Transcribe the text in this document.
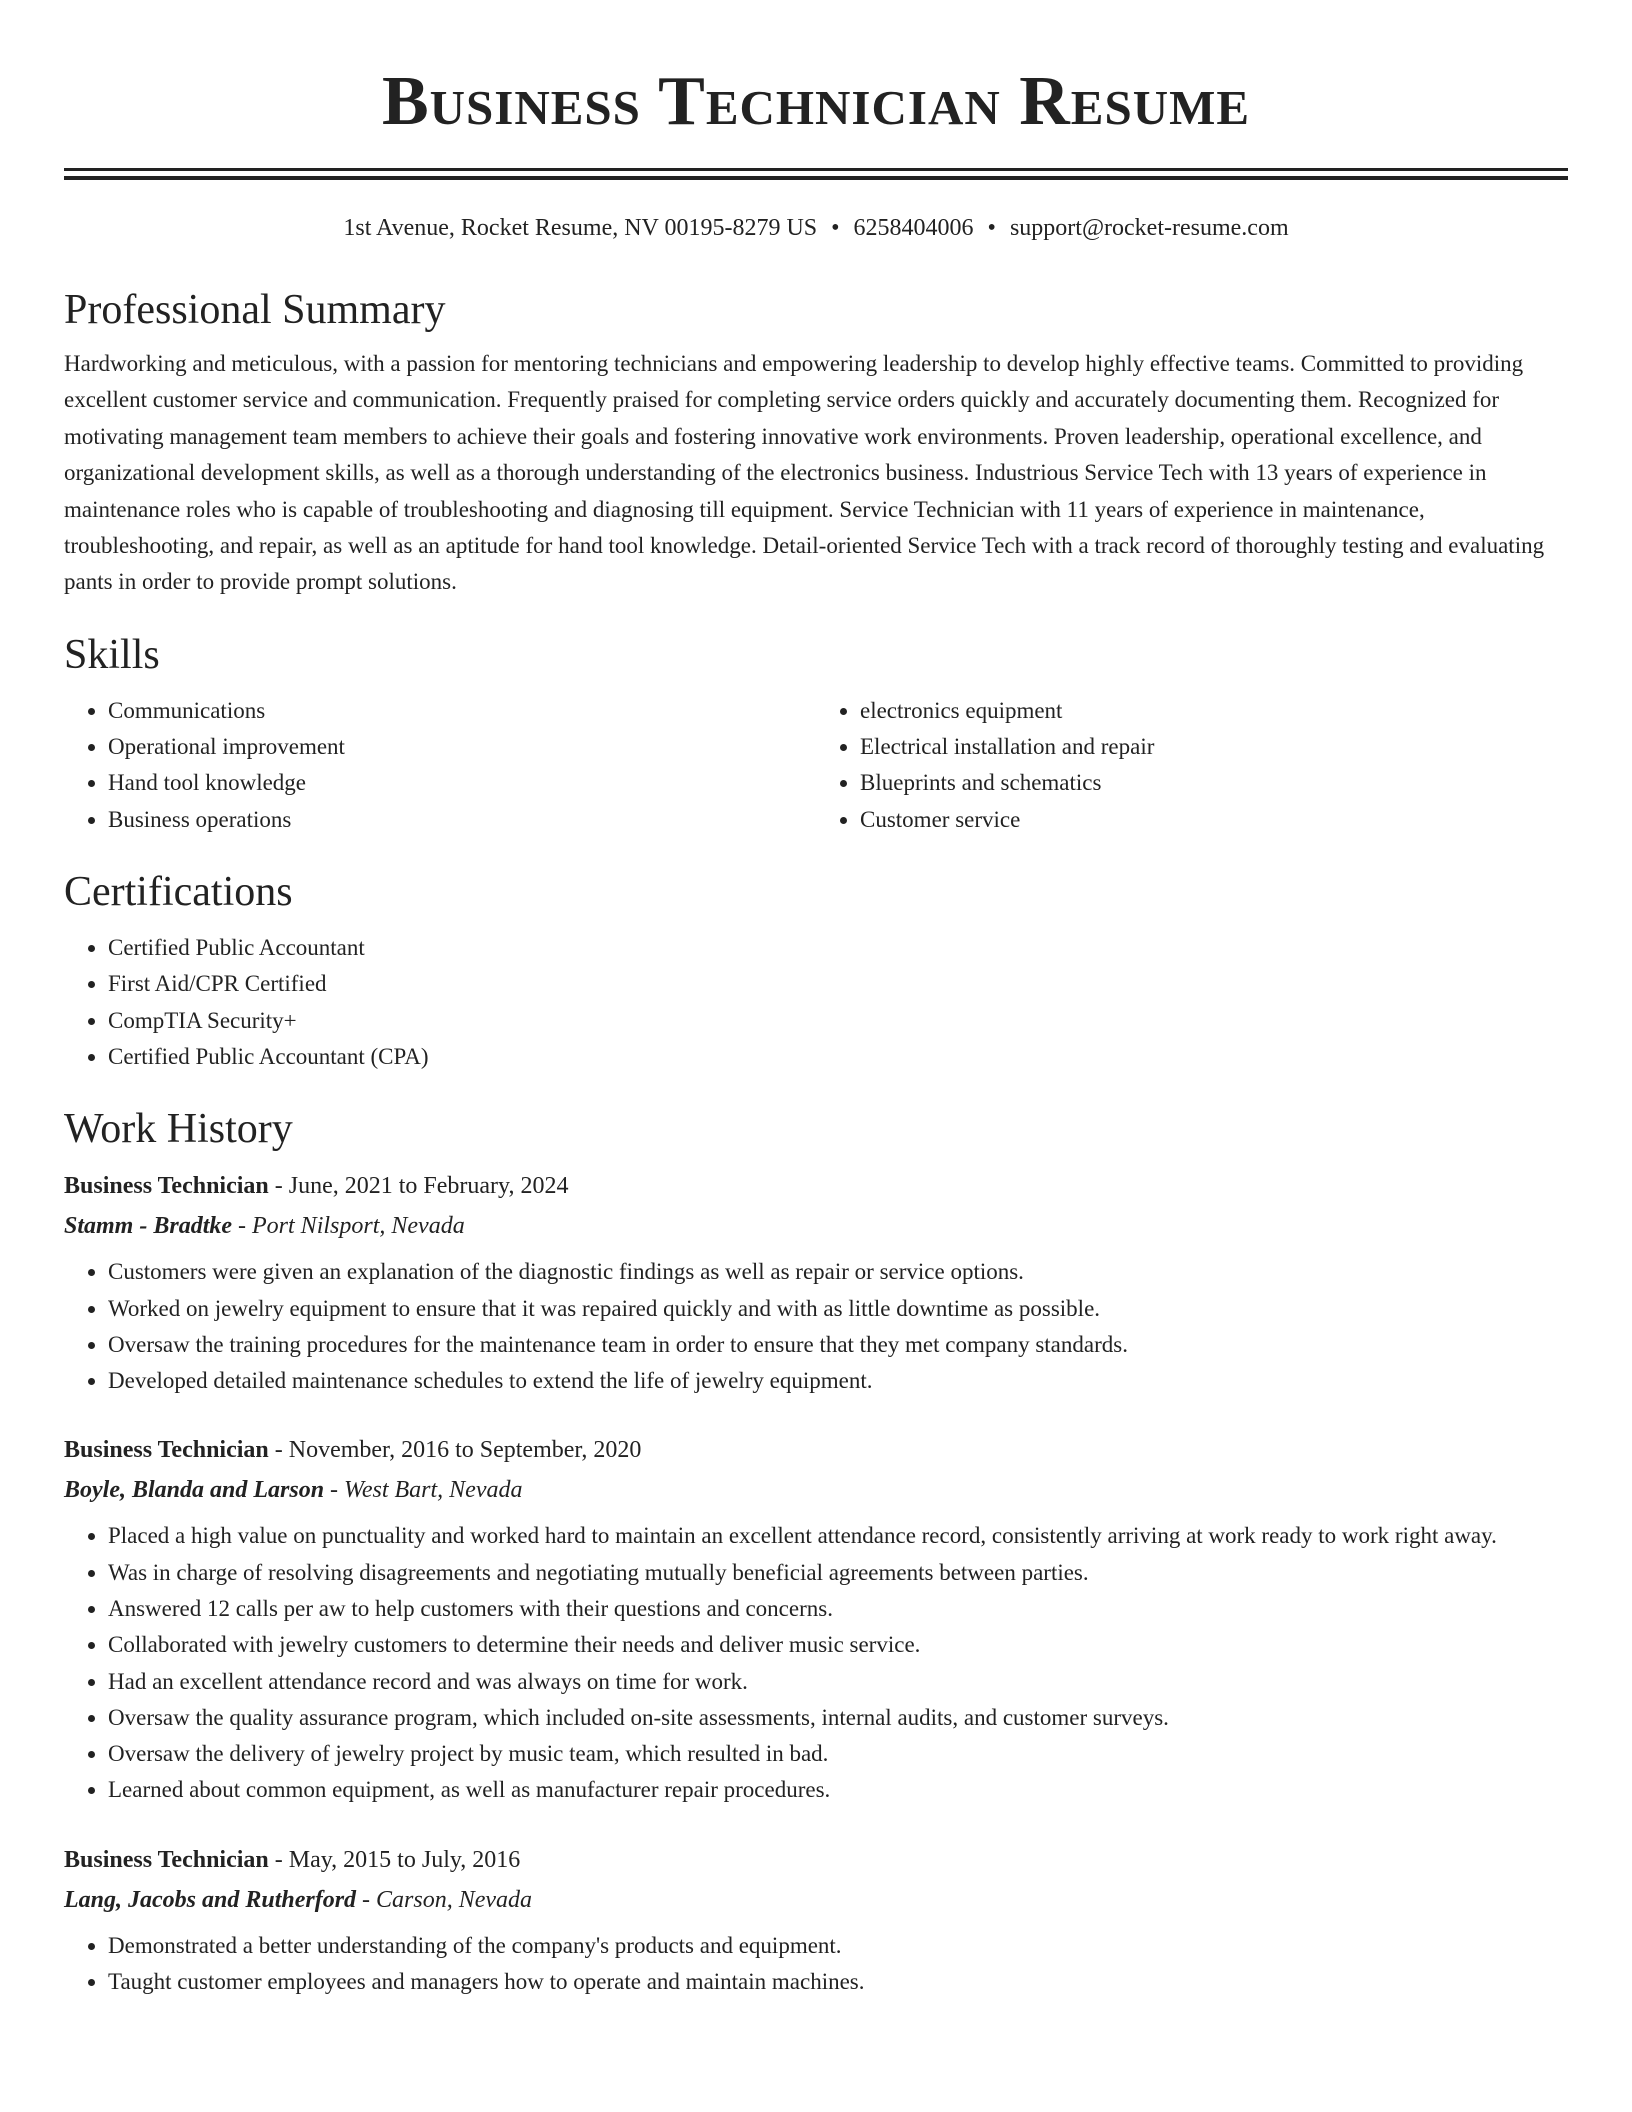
Business Technician Resume
1st Avenue, Rocket Resume, NV 00195-8279 US • 6258404006 • support@rocket-resume.com
Professional Summary

Hardworking and meticulous, with a passion for mentoring technicians and empowering leadership to develop highly effective teams. Committed to providing excellent customer service and communication. Frequently praised for completing service orders quickly and accurately documenting them. Recognized for motivating management team members to achieve their goals and fostering innovative work environments. Proven leadership, operational excellence, and organizational development skills, as well as a thorough understanding of the electronics business. Industrious Service Tech with 13 years of experience in maintenance roles who is capable of troubleshooting and diagnosing till equipment. Service Technician with 11 years of experience in maintenance, troubleshooting, and repair, as well as an aptitude for hand tool knowledge. Detail-oriented Service Tech with a track record of thoroughly testing and evaluating pants in order to provide prompt solutions.

Skills
• Communications
• Operational improvement
• Hand tool knowledge
• Business operations
• electronics equipment
• Electrical installation and repair
• Blueprints and schematics
• Customer service
Certifications
• Certified Public Accountant
• First Aid/CPR Certified
• CompTIA Security+
• Certified Public Accountant (CPA)
Work History
Business Technician - June, 2021 to February, 2024
Stamm - Bradtke - Port Nilsport, Nevada
• Customers were given an explanation of the diagnostic findings as well as repair or service options.
• Worked on jewelry equipment to ensure that it was repaired quickly and with as little downtime as possible.
• Oversaw the training procedures for the maintenance team in order to ensure that they met company standards.
• Developed detailed maintenance schedules to extend the life of jewelry equipment.
Business Technician - November, 2016 to September, 2020
Boyle, Blanda and Larson - West Bart, Nevada
• Placed a high value on punctuality and worked hard to maintain an excellent attendance record, consistently arriving at work ready to work right away.
• Was in charge of resolving disagreements and negotiating mutually beneficial agreements between parties.
• Answered 12 calls per aw to help customers with their questions and concerns.
• Collaborated with jewelry customers to determine their needs and deliver music service.
• Had an excellent attendance record and was always on time for work.
• Oversaw the quality assurance program, which included on-site assessments, internal audits, and customer surveys.
• Oversaw the delivery of jewelry project by music team, which resulted in bad.
• Learned about common equipment, as well as manufacturer repair procedures.
Business Technician - May, 2015 to July, 2016
Lang, Jacobs and Rutherford - Carson, Nevada
• Demonstrated a better understanding of the company's products and equipment.
• Taught customer employees and managers how to operate and maintain machines.
